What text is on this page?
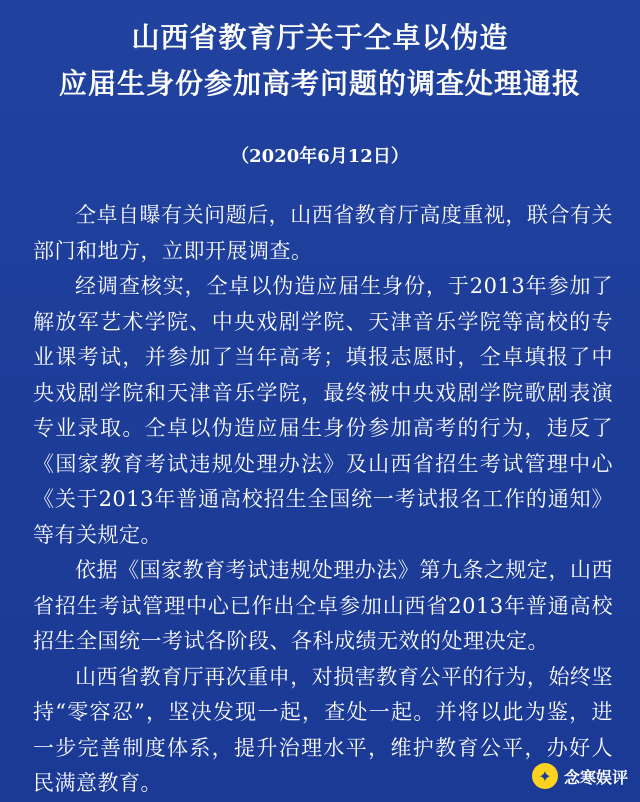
山西省教育厅关于仝卓以伪造
应届生身份参加高考问题的调查处理通报
（2020年6月12日）

仝卓自曝有关问题后，山西省教育厅高度重视，联合有关部门和地方，立即开展调查。

经调查核实，仝卓以伪造应届生身份，于2013年参加了解放军艺术学院、中央戏剧学院、天津音乐学院等高校的专业课考试，并参加了当年高考；填报志愿时，仝卓填报了中央戏剧学院和天津音乐学院，最终被中央戏剧学院歌剧表演专业录取。仝卓以伪造应届生身份参加高考的行为，违反了《国家教育考试违规处理办法》及山西省招生考试管理中心《关于2013年普通高校招生全国统一考试报名工作的通知》等有关规定。

依据《国家教育考试违规处理办法》第九条之规定，山西省招生考试管理中心已作出仝卓参加山西省2013年普通高校招生全国统一考试各阶段、各科成绩无效的处理决定。

山西省教育厅再次重申，对损害教育公平的行为，始终坚持“零容忍”，坚决发现一起，查处一起。并将以此为鉴，进一步完善制度体系，提升治理水平，维护教育公平，办好人民满意教育。	✦ 念寒娱评
